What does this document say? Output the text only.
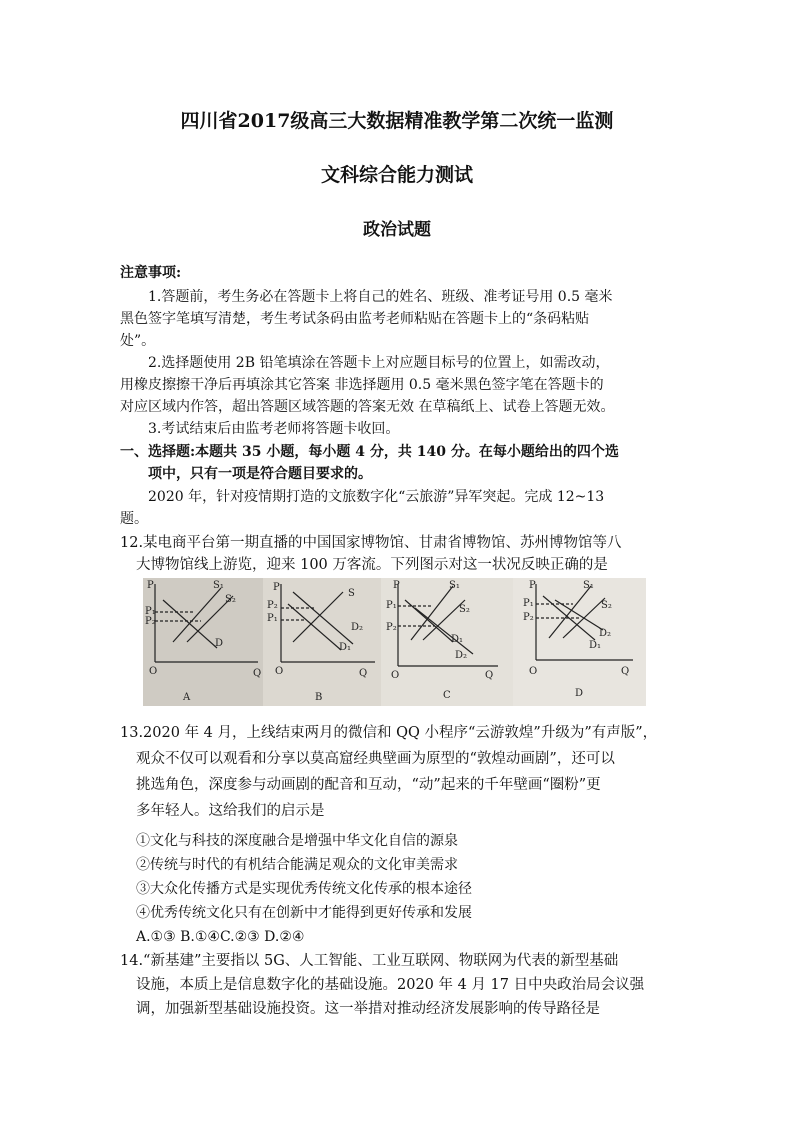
四川省2017级高三大数据精准教学第二次统一监测
文科综合能力测试
政治试题
注意事项:
1.答题前，考生务必在答题卡上将自己的姓名、班级、准考证号用 0.5 毫米
黑色签字笔填写清楚，考生考试条码由监考老师粘贴在答题卡上的“条码粘贴
处”。
2.选择题使用 2B 铅笔填涂在答题卡上对应题目标号的位置上，如需改动，
用橡皮擦擦干净后再填涂其它答案 非选择题用 0.5 毫米黑色签字笔在答题卡的
对应区域内作答，超出答题区域答题的答案无效 在草稿纸上、试卷上答题无效。
3.考试结束后由监考老师将答题卡收回。
一、选择题:本题共 35 小题，每小题 4 分，共 140 分。在每小题给出的四个选
项中，只有一项是符合题目要求的。
2020 年，针对疫情期打造的文旅数字化“云旅游”异军突起。完成 12~13
题。
12.某电商平台第一期直播的中国国家博物馆、甘肃省博物馆、苏州博物馆等八
大博物馆线上游览，迎来 100 万客流。下列图示对这一状况反映正确的是
P
P₁
P₂
S₁
S₂
D
O	Q
A
P
P₂
P₁
S
D₂
D₁
O	Q
B
P
P₁
P₂
S₁
S₂
D₁
D₂
O	Q
C
P
P₁
P₂
S₁
S₂
D₂
D₁
O	Q
D
13.2020 年 4 月，上线结束两月的微信和 QQ 小程序“云游敦煌”升级为”有声版”，
观众不仅可以观看和分享以莫高窟经典壁画为原型的“敦煌动画剧”，还可以
挑选角色，深度参与动画剧的配音和互动，“动”起来的千年壁画“圈粉”更
多年轻人。这给我们的启示是
①文化与科技的深度融合是增强中华文化自信的源泉
②传统与时代的有机结合能满足观众的文化审美需求
③大众化传播方式是实现优秀传统文化传承的根本途径
④优秀传统文化只有在创新中才能得到更好传承和发展
A.①③ B.①④C.②③ D.②④
14.“新基建”主要指以 5G、人工智能、工业互联网、物联网为代表的新型基础
设施，本质上是信息数字化的基础设施。2020 年 4 月 17 日中央政治局会议强
调，加强新型基础设施投资。这一举措对推动经济发展影响的传导路径是
